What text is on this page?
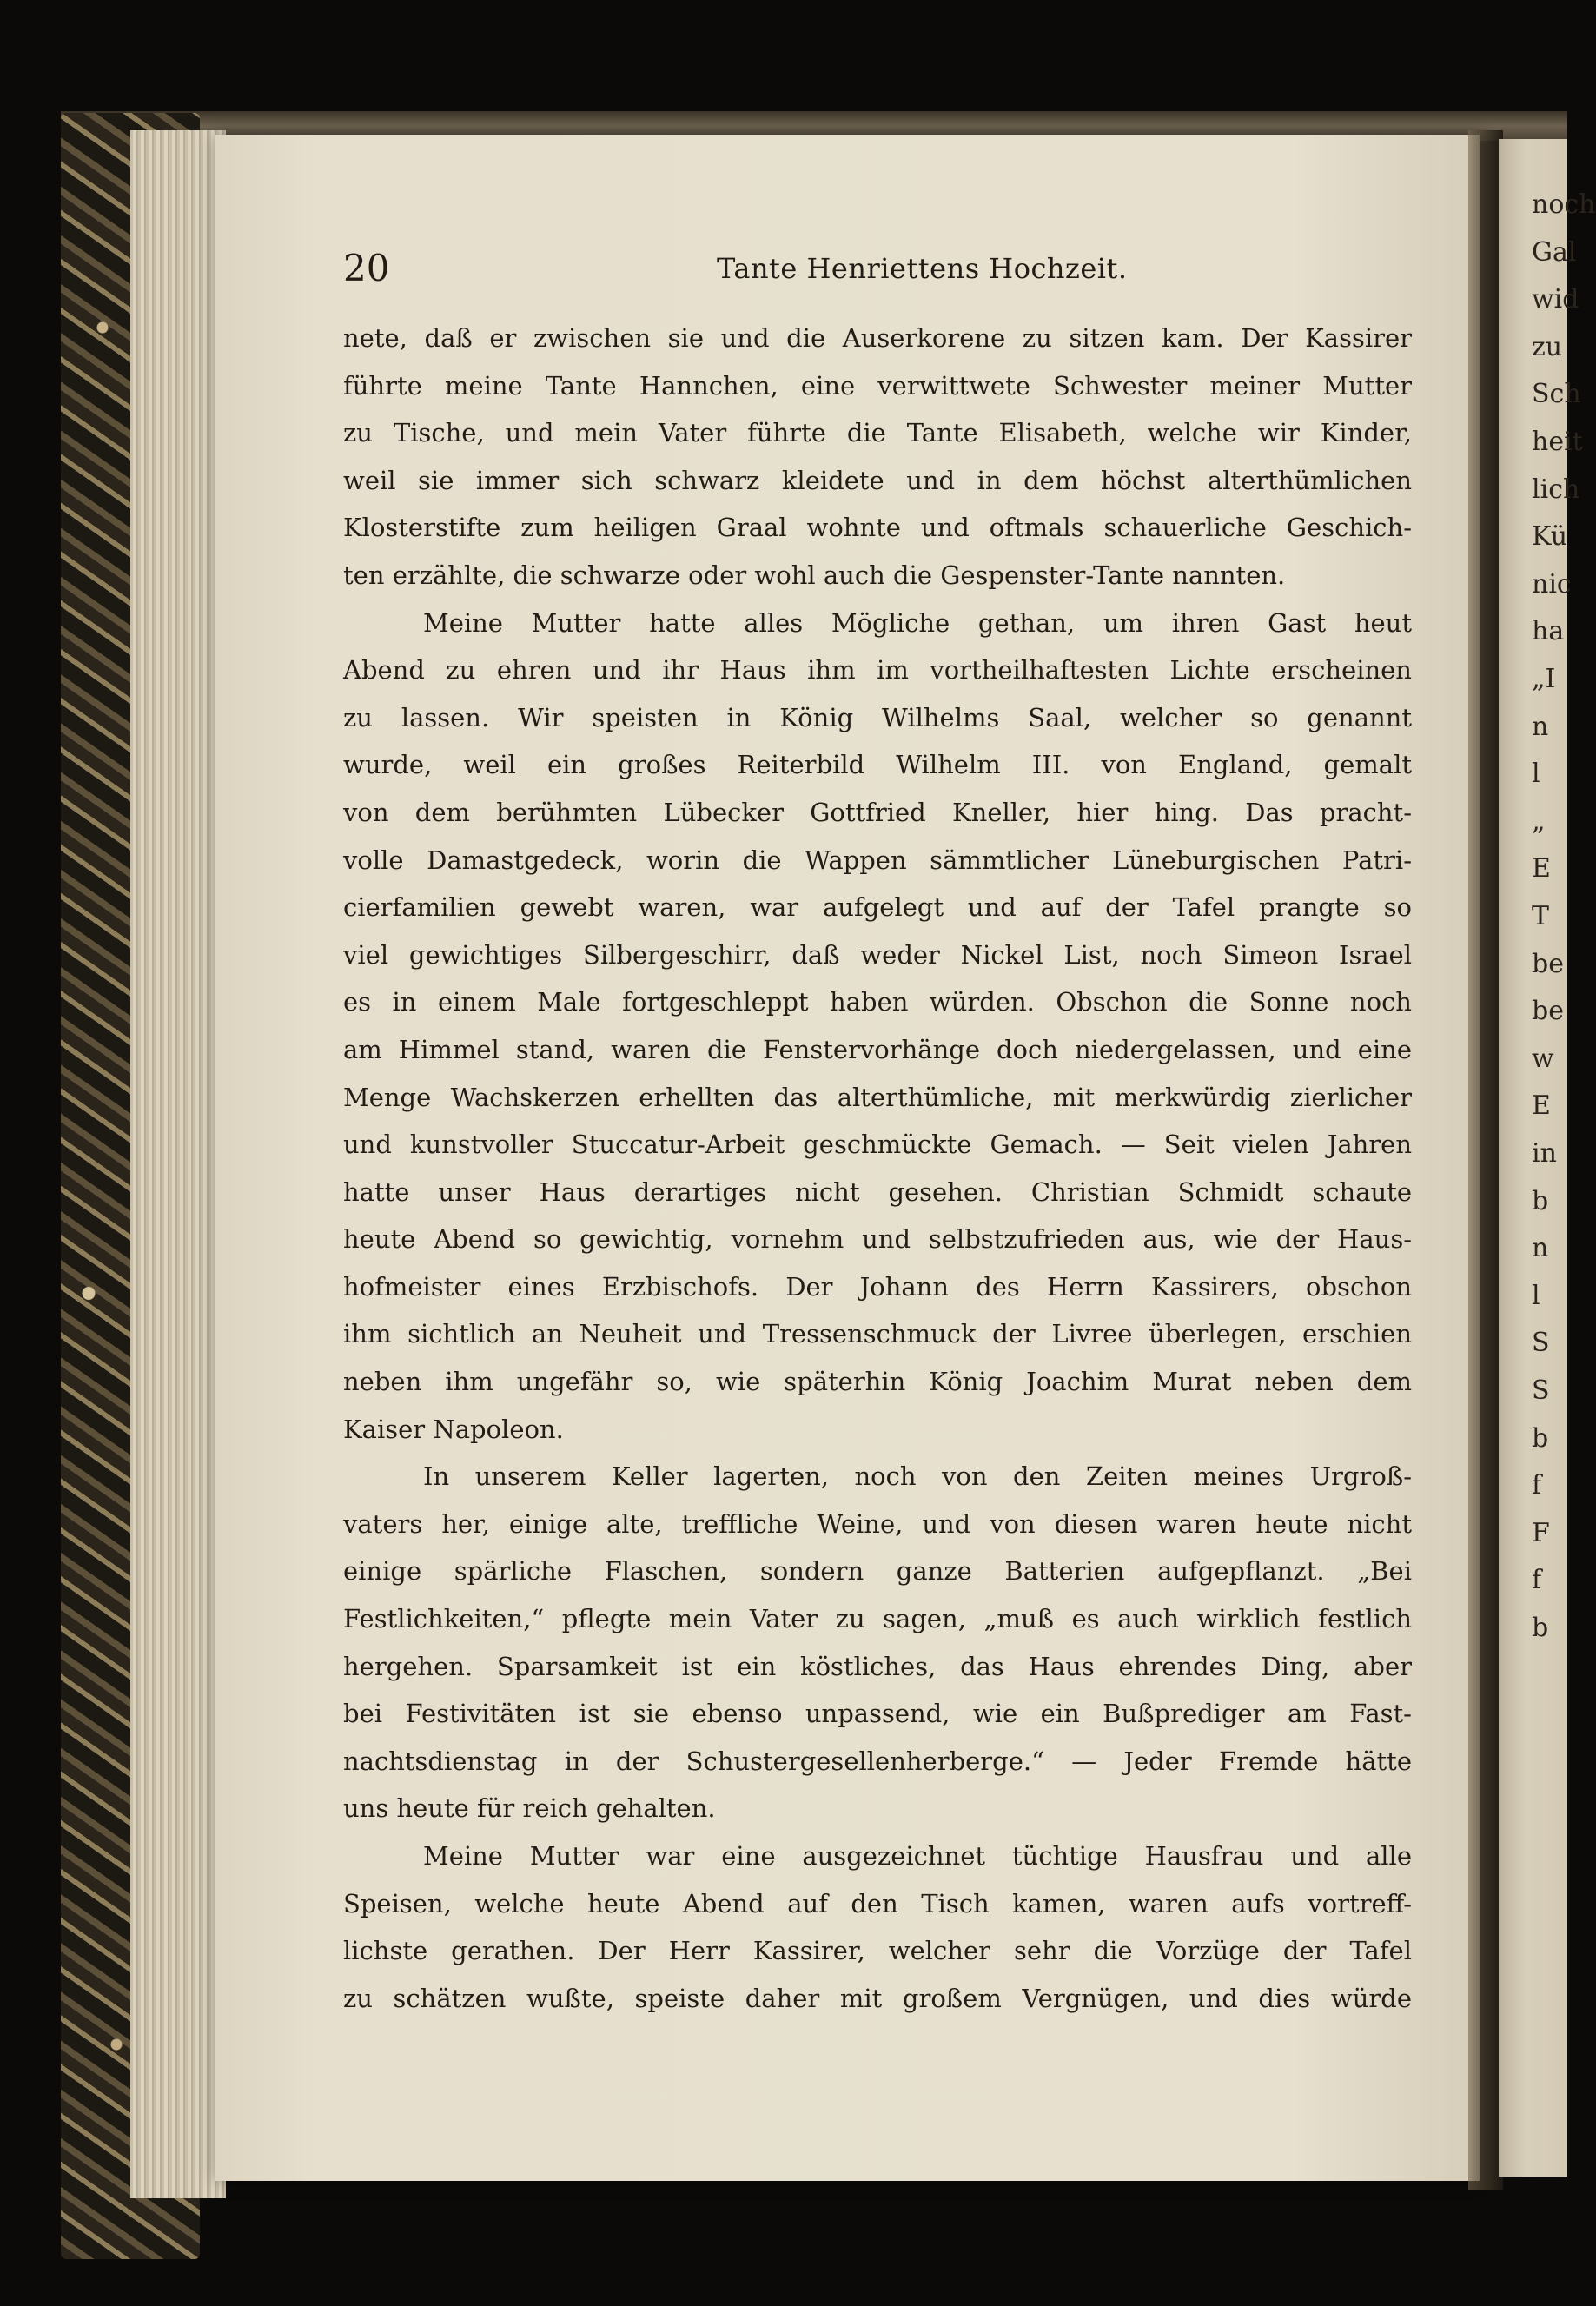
20	Tante Henriettens Hochzeit.
nete, daß er zwischen sie und die Auserkorene zu sitzen kam. Der Kassirer
führte meine Tante Hannchen, eine verwittwete Schwester meiner Mutter
zu Tische, und mein Vater führte die Tante Elisabeth, welche wir Kinder,
weil sie immer sich schwarz kleidete und in dem höchst alterthümlichen
Klosterstifte zum heiligen Graal wohnte und oftmals schauerliche Geschich-
ten erzählte, die schwarze oder wohl auch die Gespenster-Tante nannten.
Meine Mutter hatte alles Mögliche gethan, um ihren Gast heut
Abend zu ehren und ihr Haus ihm im vortheilhaftesten Lichte erscheinen
zu lassen. Wir speisten in König Wilhelms Saal, welcher so genannt
wurde, weil ein großes Reiterbild Wilhelm III. von England, gemalt
von dem berühmten Lübecker Gottfried Kneller, hier hing. Das pracht-
volle Damastgedeck, worin die Wappen sämmtlicher Lüneburgischen Patri-
cierfamilien gewebt waren, war aufgelegt und auf der Tafel prangte so
viel gewichtiges Silbergeschirr, daß weder Nickel List, noch Simeon Israel
es in einem Male fortgeschleppt haben würden. Obschon die Sonne noch
am Himmel stand, waren die Fenstervorhänge doch niedergelassen, und eine
Menge Wachskerzen erhellten das alterthümliche, mit merkwürdig zierlicher
und kunstvoller Stuccatur-Arbeit geschmückte Gemach. — Seit vielen Jahren
hatte unser Haus derartiges nicht gesehen. Christian Schmidt schaute
heute Abend so gewichtig, vornehm und selbstzufrieden aus, wie der Haus-
hofmeister eines Erzbischofs. Der Johann des Herrn Kassirers, obschon
ihm sichtlich an Neuheit und Tressenschmuck der Livree überlegen, erschien
neben ihm ungefähr so, wie späterhin König Joachim Murat neben dem
Kaiser Napoleon.
In unserem Keller lagerten, noch von den Zeiten meines Urgroß-
vaters her, einige alte, treffliche Weine, und von diesen waren heute nicht
einige spärliche Flaschen, sondern ganze Batterien aufgepflanzt. „Bei
Festlichkeiten,“ pflegte mein Vater zu sagen, „muß es auch wirklich festlich
hergehen. Sparsamkeit ist ein köstliches, das Haus ehrendes Ding, aber
bei Festivitäten ist sie ebenso unpassend, wie ein Bußprediger am Fast-
nachtsdienstag in der Schustergesellenherberge.“ — Jeder Fremde hätte
uns heute für reich gehalten.
Meine Mutter war eine ausgezeichnet tüchtige Hausfrau und alle
Speisen, welche heute Abend auf den Tisch kamen, waren aufs vortreff-
lichste gerathen. Der Herr Kassirer, welcher sehr die Vorzüge der Tafel
zu schätzen wußte, speiste daher mit großem Vergnügen, und dies würde
noch
Gal
wid
zu
Sch
heit
lich
Kü
nic
ha
„I
n
l
„
E
T
be
be
w
E
in
b
n
l
S
S
b
f
F
f
b
